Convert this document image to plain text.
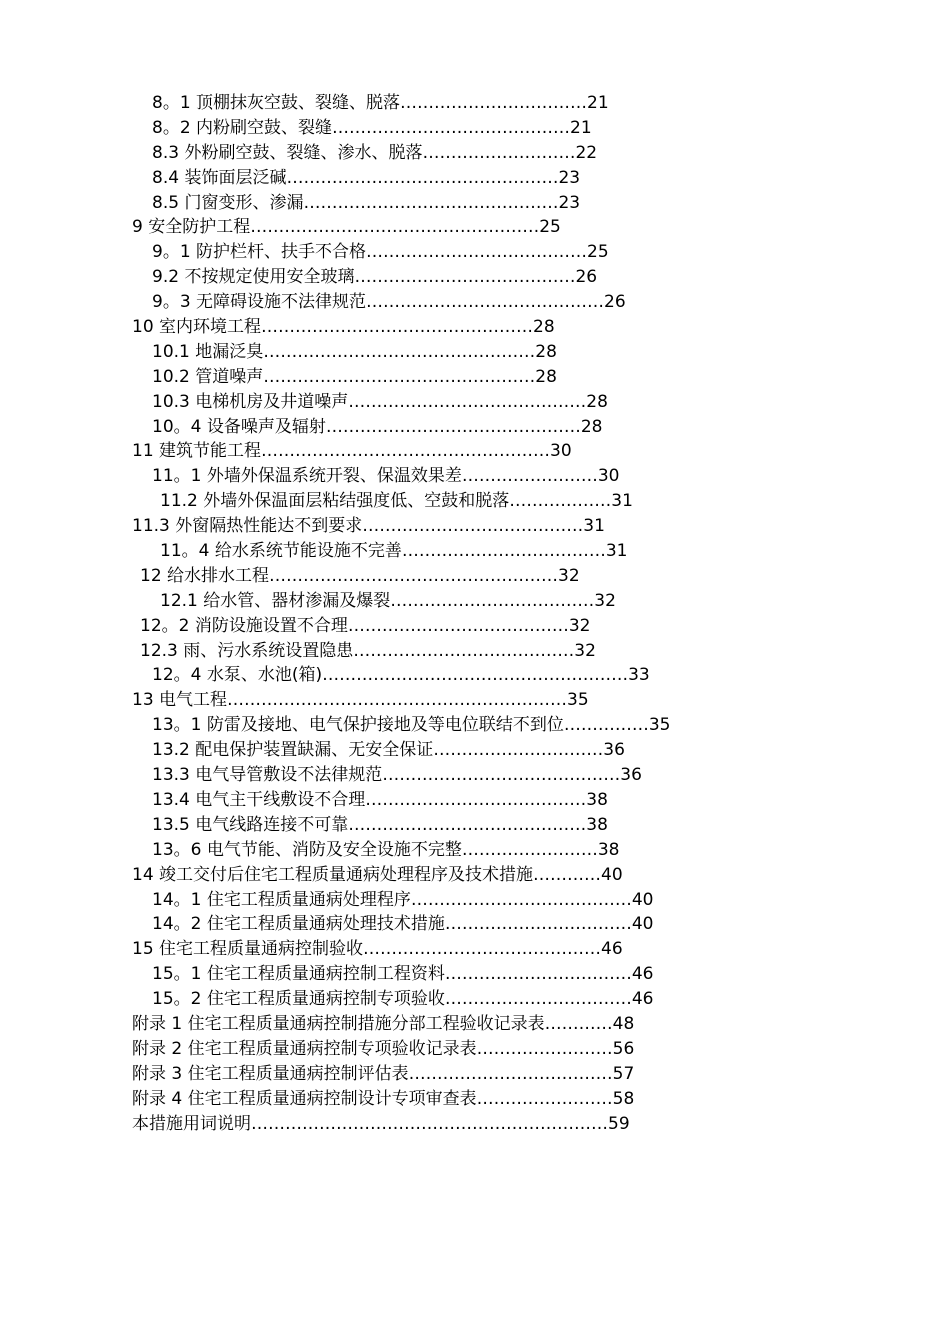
8。1 顶棚抹灰空鼓、裂缝、脱落……………………………21
8。2 内粉刷空鼓、裂缝……………………………………21
8.3 外粉刷空鼓、裂缝、渗水、脱落………………………22
8.4 装饰面层泛碱…………………………………………23
8.5 门窗变形、渗漏………………………………………23
9 安全防护工程……………………………………………25
9。1 防护栏杆、扶手不合格…………………………………25
9.2 不按规定使用安全玻璃…………………………………26
9。3 无障碍设施不法律规范……………………………………26
10 室内环境工程…………………………………………28
10.1 地漏泛臭…………………………………………28
10.2 管道噪声…………………………………………28
10.3 电梯机房及井道噪声……………………………………28
10。4 设备噪声及辐射………………………………………28
11 建筑节能工程……………………………………………30
11。1 外墙外保温系统开裂、保温效果差……………………30
11.2 外墙外保温面层粘结强度低、空鼓和脱落………………31
11.3 外窗隔热性能达不到要求…………………………………31
11。4 给水系统节能设施不完善………………………………31
12 给水排水工程……………………………………………32
12.1 给水管、器材渗漏及爆裂………………………………32
12。2 消防设施设置不合理…………………………………32
12.3 雨、污水系统设置隐患…………………………………32
12。4 水泵、水池(箱)………………………………………………33
13 电气工程……………………………………………………35
13。1 防雷及接地、电气保护接地及等电位联结不到位……………35
13.2 配电保护装置缺漏、无安全保证…………………………36
13.3 电气导管敷设不法律规范……………………………………36
13.4 电气主干线敷设不合理…………………………………38
13.5 电气线路连接不可靠……………………………………38
13。6 电气节能、消防及安全设施不完整……………………38
14 竣工交付后住宅工程质量通病处理程序及技术措施…………40
14。1 住宅工程质量通病处理程序…………………………………40
14。2 住宅工程质量通病处理技术措施……………………………40
15 住宅工程质量通病控制验收……………………………………46
15。1 住宅工程质量通病控制工程资料……………………………46
15。2 住宅工程质量通病控制专项验收……………………………46
附录 1 住宅工程质量通病控制措施分部工程验收记录表…………48
附录 2 住宅工程质量通病控制专项验收记录表……………………56
附录 3 住宅工程质量通病控制评估表………………………………57
附录 4 住宅工程质量通病控制设计专项审查表……………………58
本措施用词说明………………………………………………………59
